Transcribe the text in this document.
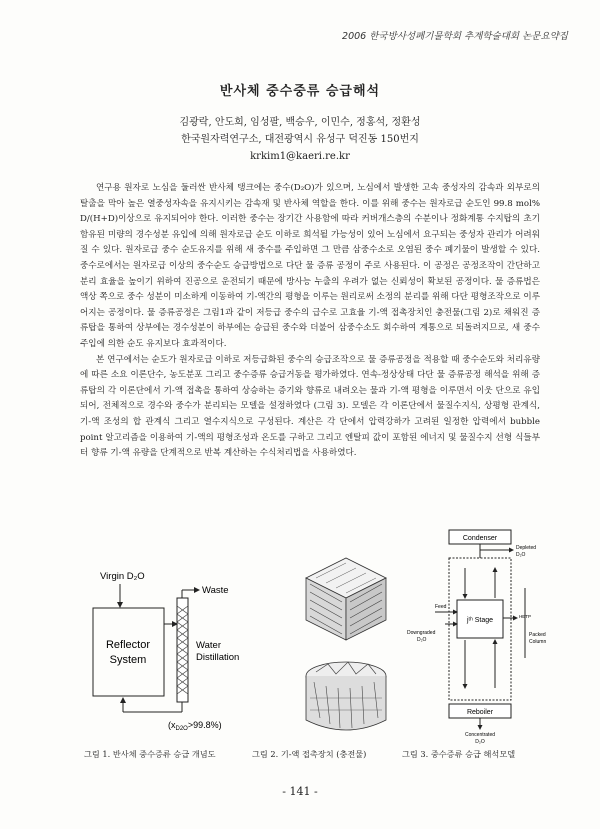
2006 한국방사성폐기물학회 추계학술대회 논문요약집
반사체 중수중류 승급해석
김광락, 안도희, 임성팔, 백승우, 이민수, 정홍석, 정환성
한국원자력연구소, 대전광역시 유성구 덕진동 150번지
krkim1@kaeri.re.kr

연구용 원자로 노심을 둘러싼 반사체 탱크에는 중수(D₂O)가 있으며, 노심에서 발생한 고속 중성자의 감속과 외부로의 탈출을 막아 높은 열중성자속을 유지시키는 감속재 및 반사체 역할을 한다. 이를 위해 중수는 원자로급 순도인 99.8 mol% D/(H+D)이상으로 유지되어야 한다. 이러한 중수는 장기간 사용함에 따라 커버개스층의 수분이나 정화계통 수지탑의 초기 함유된 미량의 경수성분 유입에 의해 원자로급 순도 이하로 희석될 가능성이 있어 노심에서 요구되는 중성자 관리가 어려워질 수 있다. 원자로급 중수 순도유지를 위해 새 중수를 주입하면 그 만큼 삼중수소로 오염된 중수 폐기물이 발생할 수 있다. 중수로에서는 원자로급 이상의 중수순도 승급방법으로 다단 물 증류 공정이 주로 사용된다. 이 공정은 공정조작이 간단하고 분리 효율을 높이기 위하여 진공으로 운전되기 때문에 방사능 누출의 우려가 없는 신뢰성이 확보된 공정이다. 물 증류법은 액상 쪽으로 중수 성분이 미소하게 이동하여 기-액간의 평형을 이루는 원리로써 소정의 분리를 위해 다단 평형조작으로 이루어지는 공정이다. 물 증류공정은 그림1과 같이 저등급 중수의 급수로 고효율 기-액 접촉장치인 충전물(그림 2)로 채워진 증류탑을 통하여 상부에는 경수성분이 하부에는 승급된 중수와 더불어 삼중수소도 회수하여 계통으로 되돌려지므로, 새 중수 주입에 의한 순도 유지보다 효과적이다.

본 연구에서는 순도가 원자로급 이하로 저등급화된 중수의 승급조작으로 물 증류공정을 적용할 때 중수순도와 처리유량에 따른 소요 이론단수, 농도분포 그리고 중수증류 승급거동을 평가하였다. 연속-정상상태 다단 물 증류공정 해석을 위해 증류탑의 각 이론단에서 기-액 접촉을 통하여 상승하는 증기와 향류로 내려오는 물과 기-액 평형을 이루면서 이웃 단으로 유입되어, 전체적으로 경수와 중수가 분리되는 모델을 설정하였다 (그림 3). 모델은 각 이론단에서 물질수지식, 상평형 관계식, 기-액 조성의 합 관계식 그리고 열수지식으로 구성된다. 계산은 각 단에서 압력강하가 고려된 일정한 압력에서 bubble point 알고리즘을 이용하여 기-액의 평형조성과 온도를 구하고 그리고 엔탈피 값이 포함된 에너지 및 물질수지 선형 식들부터 향류 기-액 유량을 단계적으로 반복 계산하는 수식처리법을 사용하였다.

Virgin D₂O
Reflector
System
Waste
Water
Distillation
$(x_{D2O}>99.8\%)$
Condenser
Depleted
D₂O
jᵗʰ Stage
Feed
Downgraded
D₂O
HETP
Packed
Column
Reboiler
Concentrated
D₂O
그림 1. 반사체 중수증류 승급 개념도	그림 2. 기-액 접촉장치 (충전물)	그림 3. 중수증류 승급 해석모델
- 141 -
